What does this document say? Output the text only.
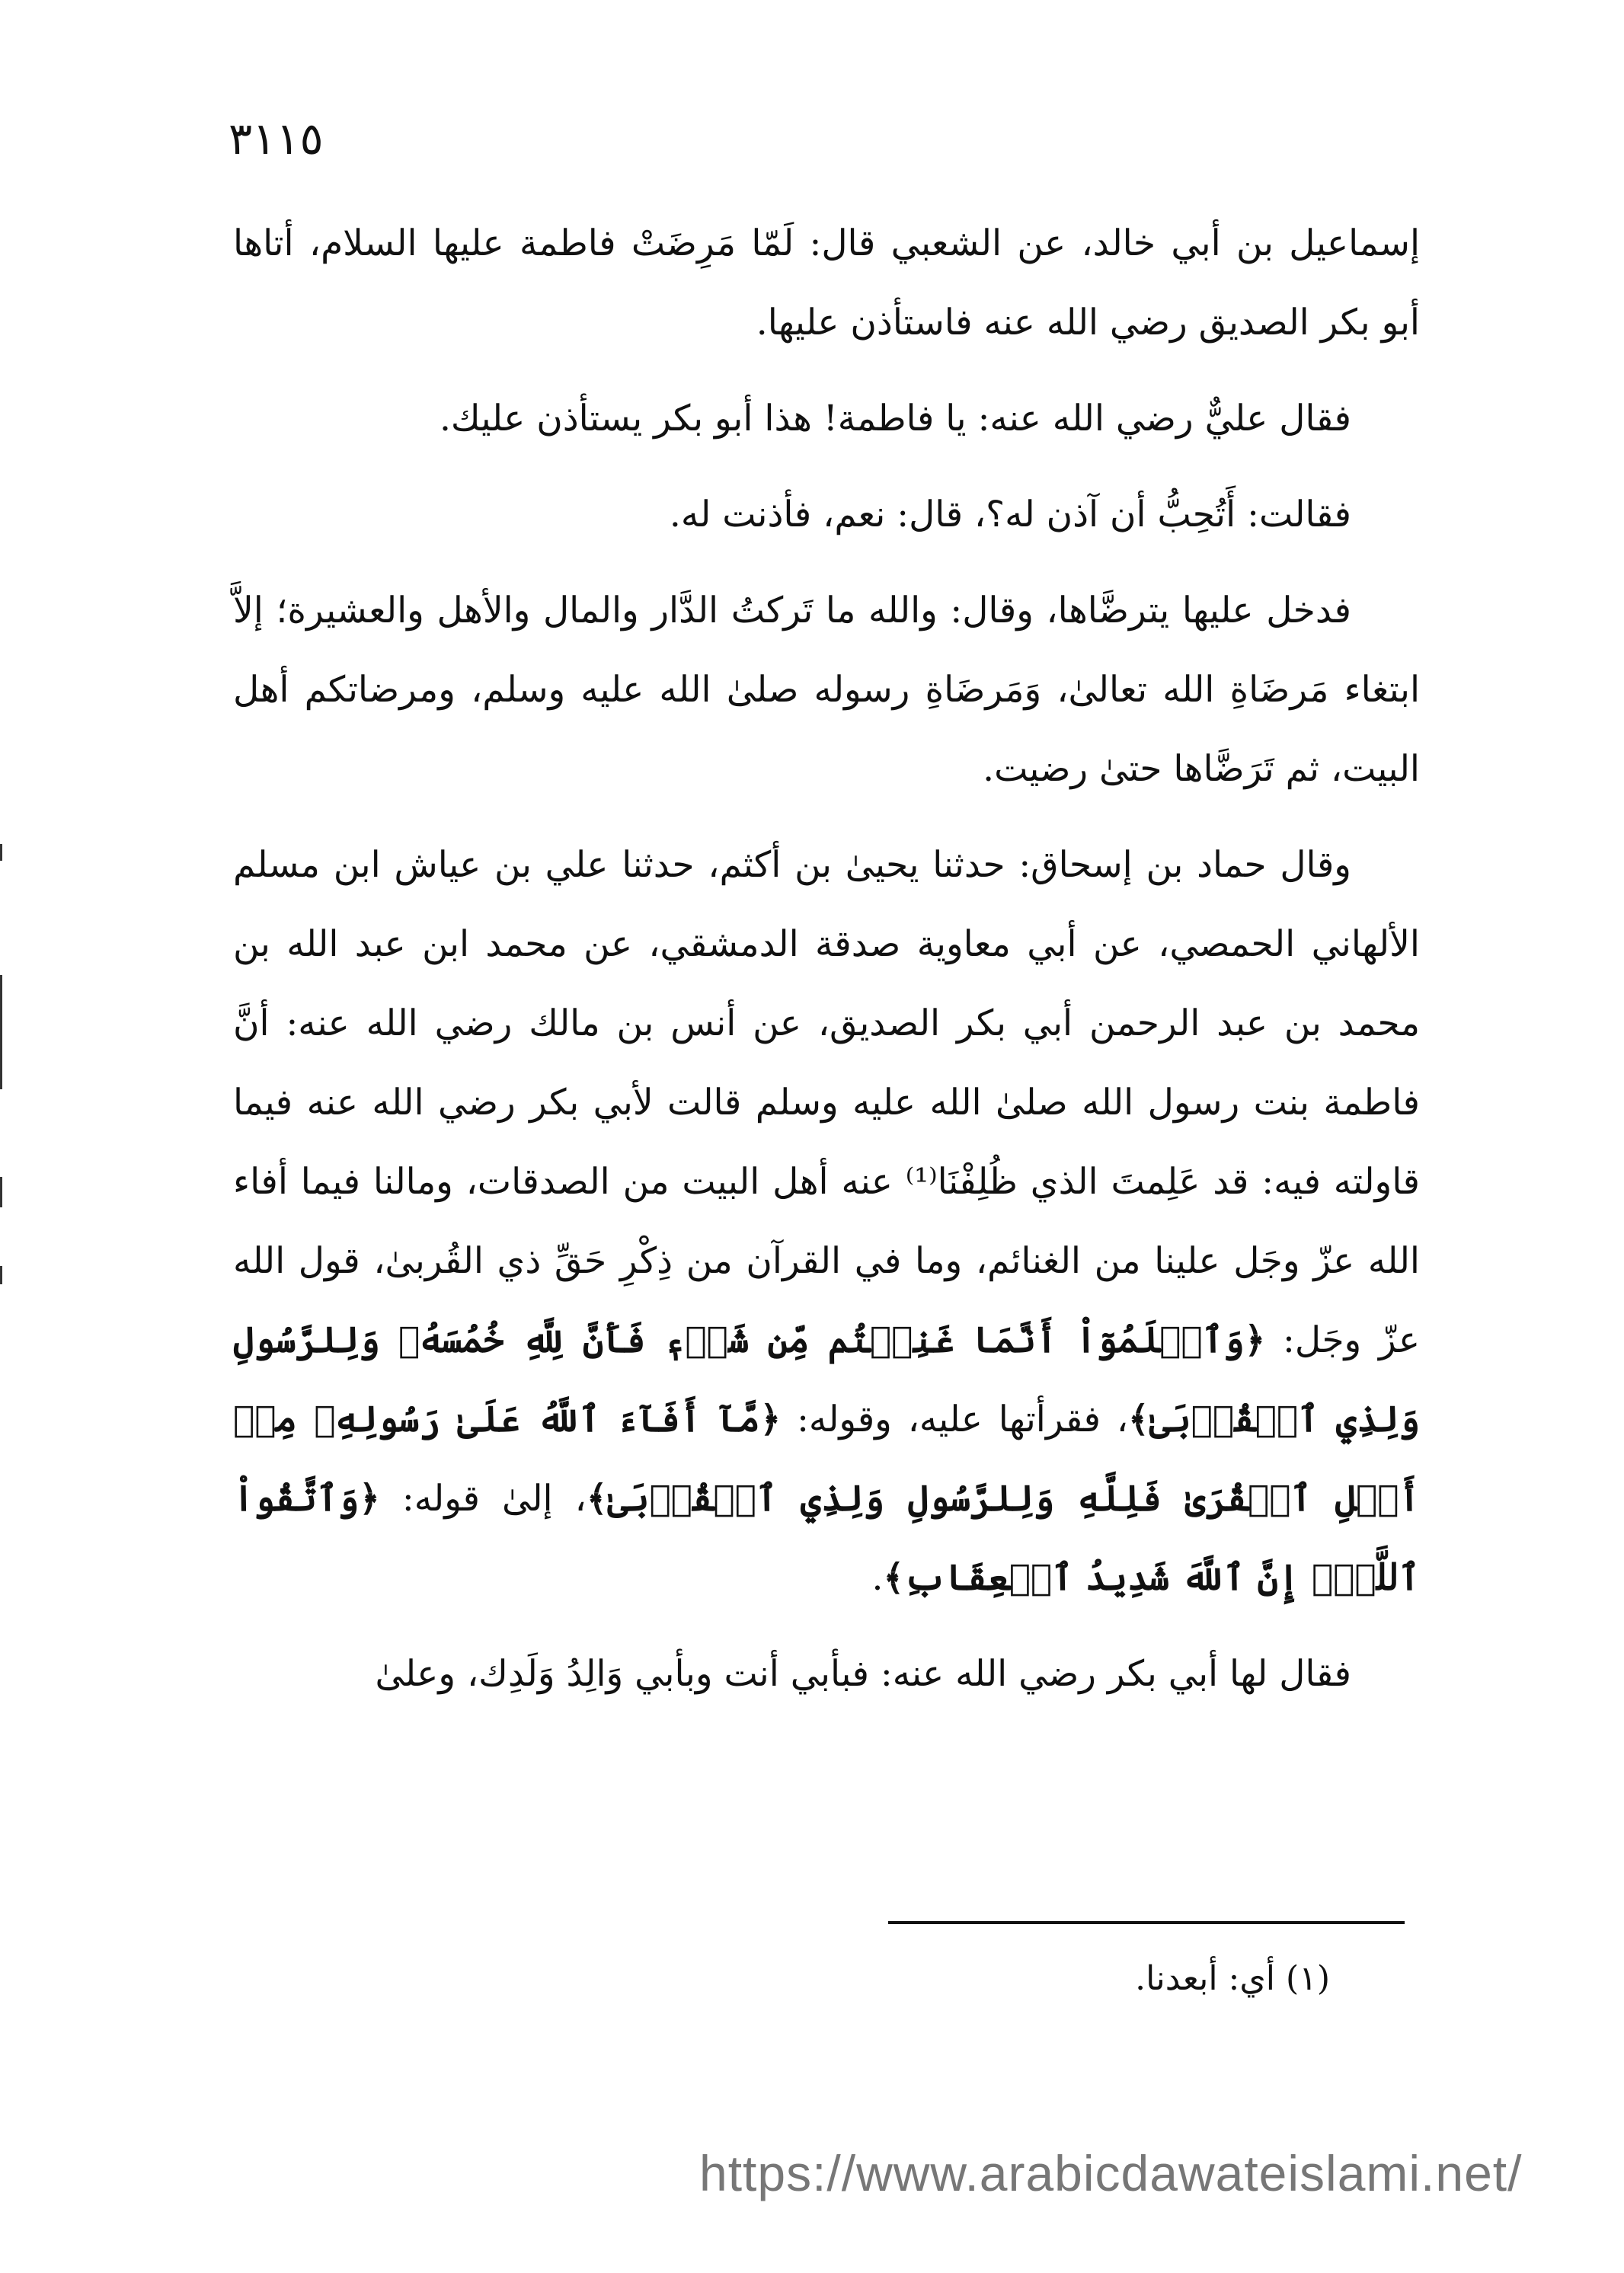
٣١١٥

إسماعيل بن أبي خالد، عن الشعبي قال: لَمّا مَرِضَتْ فاطمة عليها السلام، أتاها أبو بكر الصديق رضي الله عنه فاستأذن عليها.

فقال عليٌّ رضي الله عنه: يا فاطمة! هذا أبو بكر يستأذن عليك.

فقالت: أَتُحِبُّ أن آذن له؟، قال: نعم، فأذنت له.

فدخل عليها يترضَّاها، وقال: والله ما تَركتُ الدَّار والمال والأهل والعشيرة؛ إلاَّ ابتغاء مَرضَاةِ الله تعالىٰ، وَمَرضَاةِ رسوله صلىٰ الله عليه وسلم، ومرضاتكم أهل البيت، ثم تَرَضَّاها حتىٰ رضيت.

وقال حماد بن إسحاق: حدثنا يحيىٰ بن أكثم، حدثنا علي بن عياش ابن مسلم الألهاني الحمصي، عن أبي معاوية صدقة الدمشقي، عن محمد ابن عبد الله بن محمد بن عبد الرحمن أبي بكر الصديق، عن أنس بن مالك رضي الله عنه: أنَّ فاطمة بنت رسول الله صلىٰ الله عليه وسلم قالت لأبي بكر رضي الله عنه فيما قاولته فيه: قد عَلِمتَ الذي ظُلِفْنَا⁽¹⁾ عنه أهل البيت من الصدقات، ومالنا فيما أفاء الله عزّ وجَل علينا من الغنائم، وما في القرآن من ذِكْرِ حَقِّ ذي القُربىٰ، قول الله عزّ وجَل: ﴿وَٱعۡلَمُوٓاْ أَنَّمَا غَنِمۡتُم مِّن شَيۡءٖ فَأَنَّ لِلَّهِ خُمُسَهُۥ وَلِلرَّسُولِ وَلِذِي ٱلۡقُرۡبَىٰ﴾، فقرأتها عليه، وقوله: ﴿مَّآ أَفَآءَ ٱللَّهُ عَلَىٰ رَسُولِهِۦ مِنۡ أَهۡلِ ٱلۡقُرَىٰ فَلِلَّهِ وَلِلرَّسُولِ وَلِذِي ٱلۡقُرۡبَىٰ﴾، إلىٰ قوله: ﴿وَٱتَّقُواْ ٱللَّهَۖ إِنَّ ٱللَّهَ شَدِيدُ ٱلۡعِقَابِ﴾.

فقال لها أبي بكر رضي الله عنه: فبأبي أنت وبأبي وَالِدُ وَلَدِك، وعلىٰ

(١) أي: أبعدنا.
https://www.arabicdawateislami.net/
